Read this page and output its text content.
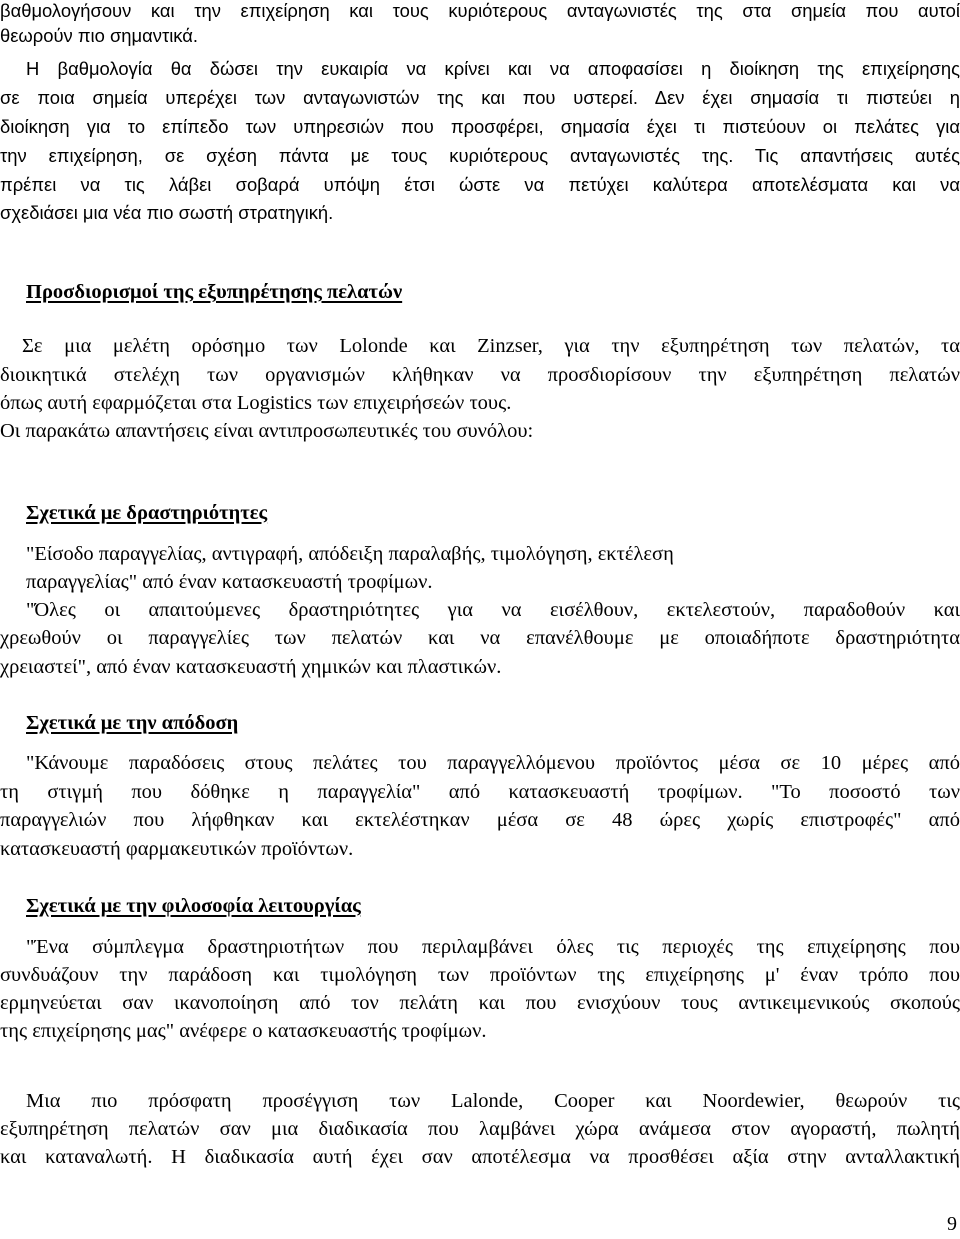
βαθμολογήσουν και την επιχείρηση και τους κυριότερους ανταγωνιστές της στα σημεία που αυτοί

θεωρούν πιο σημαντικά.

Η βαθμολογία θα δώσει την ευκαιρία να κρίνει και να αποφασίσει η διοίκηση της επιχείρησης

σε ποια σημεία υπερέχει των ανταγωνιστών της και που υστερεί. Δεν έχει σημασία τι πιστεύει η

διοίκηση για το επίπεδο των υπηρεσιών που προσφέρει, σημασία έχει τι πιστεύουν οι πελάτες για

την επιχείρηση, σε σχέση πάντα με τους κυριότερους ανταγωνιστές της. Τις απαντήσεις αυτές

πρέπει να τις λάβει σοβαρά υπόψη έτσι ώστε να πετύχει καλύτερα αποτελέσματα και να

σχεδιάσει μια νέα πιο σωστή στρατηγική.

Προσδιορισμοί της εξυπηρέτησης πελατών

Σε μια μελέτη ορόσημο των Lolonde και Zinzser, για την εξυπηρέτηση των πελατών, τα

διοικητικά στελέχη των οργανισμών κλήθηκαν να προσδιορίσουν την εξυπηρέτηση πελατών

όπως αυτή εφαρμόζεται στα Logistics των επιχειρήσεών τους.

Οι παρακάτω απαντήσεις είναι αντιπροσωπευτικές του συνόλου:

Σχετικά με δραστηριότητες

"Είσοδο παραγγελίας, αντιγραφή, απόδειξη παραλαβής, τιμολόγηση, εκτέλεση

παραγγελίας" από έναν κατασκευαστή τροφίμων.

"Όλες οι απαιτούμενες δραστηριότητες για να εισέλθουν, εκτελεστούν, παραδοθούν και

χρεωθούν οι παραγγελίες των πελατών και να επανέλθουμε με οποιαδήποτε δραστηριότητα

χρειαστεί", από έναν κατασκευαστή χημικών και πλαστικών.

Σχετικά με την απόδοση

"Κάνουμε παραδόσεις στους πελάτες του παραγγελλόμενου προϊόντος μέσα σε 10 μέρες από

τη στιγμή που δόθηκε η παραγγελία" από κατασκευαστή τροφίμων. "Το ποσοστό των

παραγγελιών που λήφθηκαν και εκτελέστηκαν μέσα σε 48 ώρες χωρίς επιστροφές" από

κατασκευαστή φαρμακευτικών προϊόντων.

Σχετικά με την φιλοσοφία λειτουργίας

"Ένα σύμπλεγμα δραστηριοτήτων που περιλαμβάνει όλες τις περιοχές της επιχείρησης που

συνδυάζουν την παράδοση και τιμολόγηση των προϊόντων της επιχείρησης μ' έναν τρόπο που

ερμηνεύεται σαν ικανοποίηση από τον πελάτη και που ενισχύουν τους αντικειμενικούς σκοπούς

της επιχείρησης μας" ανέφερε ο κατασκευαστής τροφίμων.

Μια πιο πρόσφατη προσέγγιση των Lalonde, Cooper και Noordewier, θεωρούν τις

εξυπηρέτηση πελατών σαν μια διαδικασία που λαμβάνει χώρα ανάμεσα στον αγοραστή, πωλητή

και καταναλωτή. Η διαδικασία αυτή έχει σαν αποτέλεσμα να προσθέσει αξία στην ανταλλακτική

9
